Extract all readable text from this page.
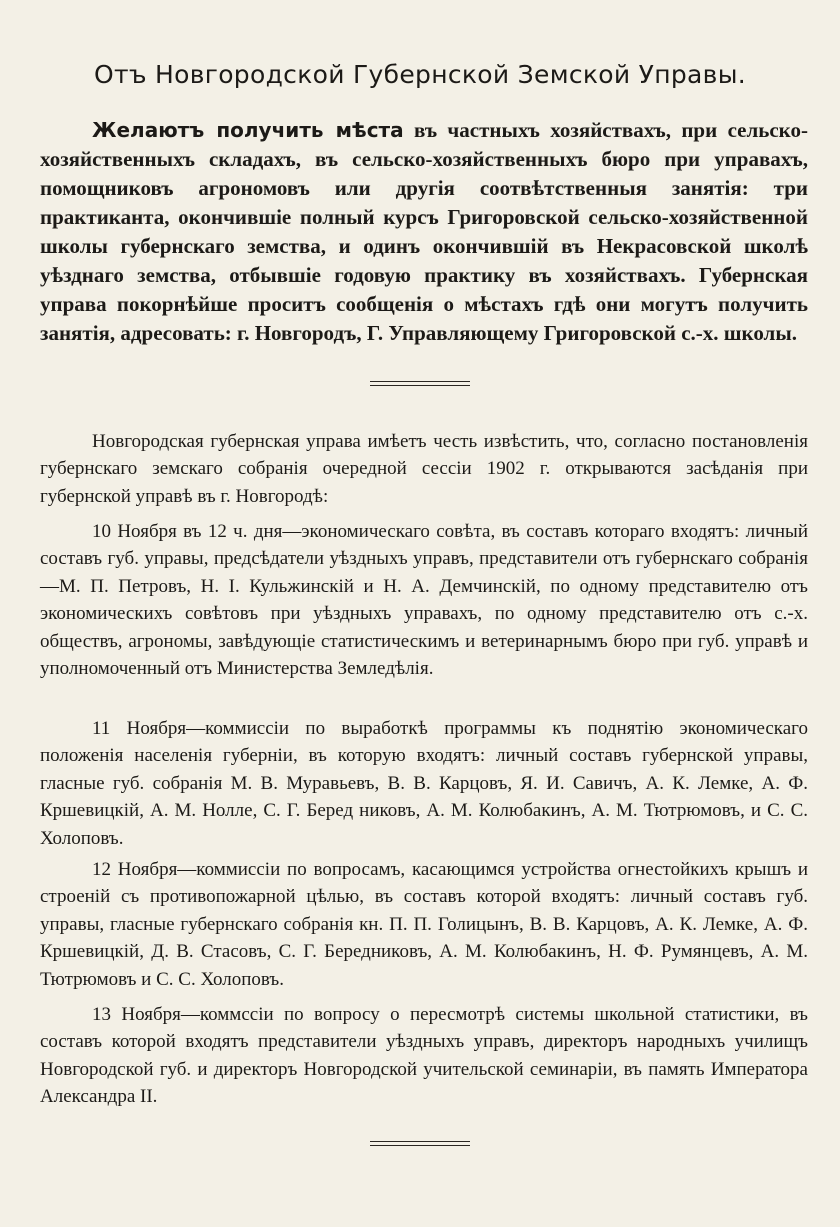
Отъ Новгородской Губернской Земской Управы.

Желаютъ получить мѣста въ частныхъ хозяйствахъ, при сельско-хозяйственныхъ складахъ, въ сельско-хозяйственныхъ бюро при управахъ, помощниковъ агрономовъ или другія соотвѣтственныя занятія: три практиканта, окончившіе полный курсъ Григоровской сельско-хозяйственной школы губернскаго земства, и одинъ окончившій въ Некрасовской школѣ уѣзднаго земства, отбывшіе годовую практику въ хозяйствахъ. Губернская управа покорнѣйше проситъ сообщенія о мѣстахъ гдѣ они могутъ получить занятія, адресовать: г. Новгородъ, Г. Управляющему Григоровской с.-х. школы.

Новгородская губернская управа имѣетъ честь извѣстить, что, согласно постановленія губернскаго земскаго собранія очередной сессіи 1902 г. открываются засѣданія при губернской управѣ въ г. Новгородѣ:

10 Ноября въ 12 ч. дня—экономическаго совѣта, въ составъ котораго входятъ: личный составъ губ. управы, предсѣдатели уѣздныхъ управъ, представители отъ губернскаго собранія—М. П. Петровъ, Н. І. Кульжинскій и Н. А. Демчинскій, по одному представителю отъ экономическихъ совѣтовъ при уѣздныхъ управахъ, по одному представителю отъ с.-х. обществъ, агрономы, завѣдующіе статистическимъ и ветеринарнымъ бюро при губ. управѣ и уполномоченный отъ Министерства Земледѣлія.

11 Ноября—коммиссіи по выработкѣ программы къ поднятію экономическаго положенія населенія губерніи, въ которую входятъ: личный составъ губернской управы, гласные губ. собранія М. В. Муравьевъ, В. В. Карцовъ, Я. И. Савичъ, А. К. Лемке, А. Ф. Кршевицкій, А. М. Нолле, С. Г. Беред никовъ, А. М. Колюбакинъ, А. М. Тютрюмовъ, и С. С. Холоповъ.

12 Ноября—коммиссіи по вопросамъ, касающимся устройства огнестойкихъ крышъ и строеній съ противопожарной цѣлью, въ составъ которой входятъ: личный составъ губ. управы, гласные губернскаго собранія кн. П. П. Голицынъ, В. В. Карцовъ, А. К. Лемке, А. Ф. Кршевицкій, Д. В. Стасовъ, С. Г. Бередниковъ, А. М. Колюбакинъ, Н. Ф. Румянцевъ, А. М. Тютрюмовъ и С. С. Холоповъ.

13 Ноября—коммссіи по вопросу о пересмотрѣ системы школьной статистики, въ составъ которой входятъ представители уѣздныхъ управъ, директоръ народныхъ училищъ Новгородской губ. и директоръ Новгородской учительской семинаріи, въ память Императора Александра II.
